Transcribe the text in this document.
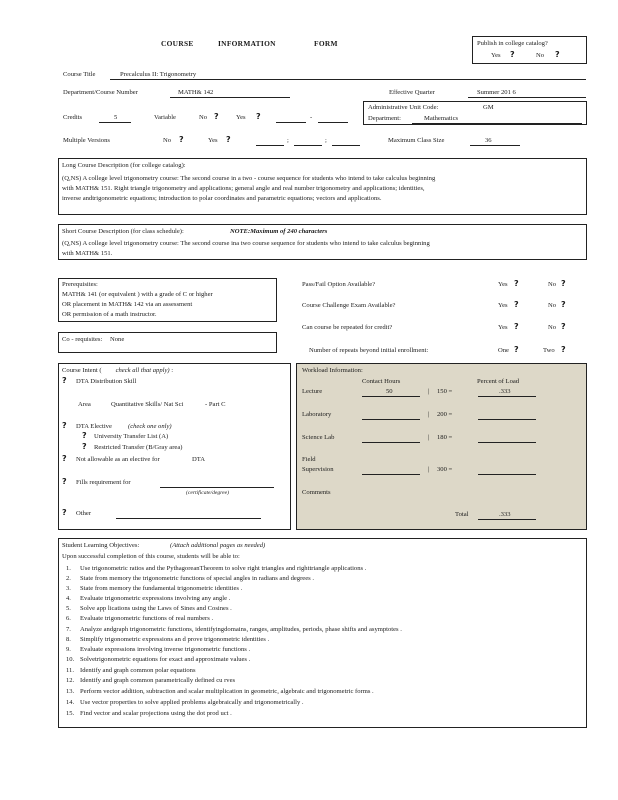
COURSE	INFORMATION	FORM	Publish in college catalog?
Yes ?	No ?
Course Title	Precalculus II: Trigonometry
Department/Course Number	MATH& 142	Effective Quarter	Summer 201 6
Administrative Unit Code:	GM
Department:	Mathematics
Credits	5	Variable	No ?	Yes ?	-
Multiple Versions	No ?	Yes ?	;	;	Maximum Class Size	36
Long Course Description (for college catalog):
(Q,NS) A college level trigonometry course: The second course in a two - course sequence for students who intend to take calculus beginning
with MATH& 151. Right triangle trigonometry and applications; general angle and real number trigonometry and applications; identities,
inverse andtrigonometric equations; introduction to polar coordinates and parametric equations; vectors and applications.
Short Course Description (for class schedule):	NOTE:Maximum of 240 characters
(Q,NS) A college level trigonometry course: The second course ina two course sequence for students who intend to take calculus beginning
with MATH& 151.
Prerequisites:
MATH& 141 (or equivalent ) with a grade of C or higher
OR placement in MATH& 142 via an assessment
OR permission of a math instructor.
Pass/Fail Option Available?	Yes ?	No ?
Course Challenge Exam Available?	Yes ?	No ?
Can course be repeated for credit?	Yes ?	No ?
Number of repeats beyond initial enrollment:	One ?	Two ?
Co - requisites: None
Course Intent ( check all that apply) :
? DTA Distribution Skill
Area	Quantitative Skills/ Nat Sci	- Part C
? DTA Elective (check one only)
? University Transfer List (A)
? Restricted Transfer (B/Gray area)
? Not allowable as an elective for	DTA
? Fills requirement for
(certificate/degree)
? Other
Workload Information:
Contact Hours	Percent of Load
Lecture	50	| 150 =	.333
Laboratory	| 200 =
Science Lab	| 180 =
Field
Supervision	| 300 =
Comments
Total	.333
Student Learning Objectives:	(Attach additional pages as needed)
Upon successful completion of this course, students will be able to:
1. Use trigonometric ratios and the PythagoreanTheorem to solve right triangles and righttriangle applications .
2. State from memory the trigonometric functions of special angles in radians and degrees .
3. State from memory the fundamental trigonometric identities .
4. Evaluate trigonometric expressions involving any angle .
5. Solve app lications using the Laws of Sines and Cosines .
6. Evaluate trigonometric functions of real numbers .
7. Analyze andgraph trigonometric functions, identifyingdomains, ranges, amplitudes, periods, phase shifts and asymptotes .
8. Simplify trigonometric expressions an d prove trigonometric identities .
9. Evaluate expressions involving inverse trigonometric functions .
10. Solvetrigonometric equations for exact and approximate values .
11. Identify and graph common polar equations
12. Identify and graph common parametrically defined cu rves
13. Perform vector addition, subtraction and scalar multiplication in geometric, algebraic and trigonometric forms .
14. Use vector properties to solve applied problems algebraically and trigonometrically .
15. Find vector and scalar projections using the dot prod uct .
